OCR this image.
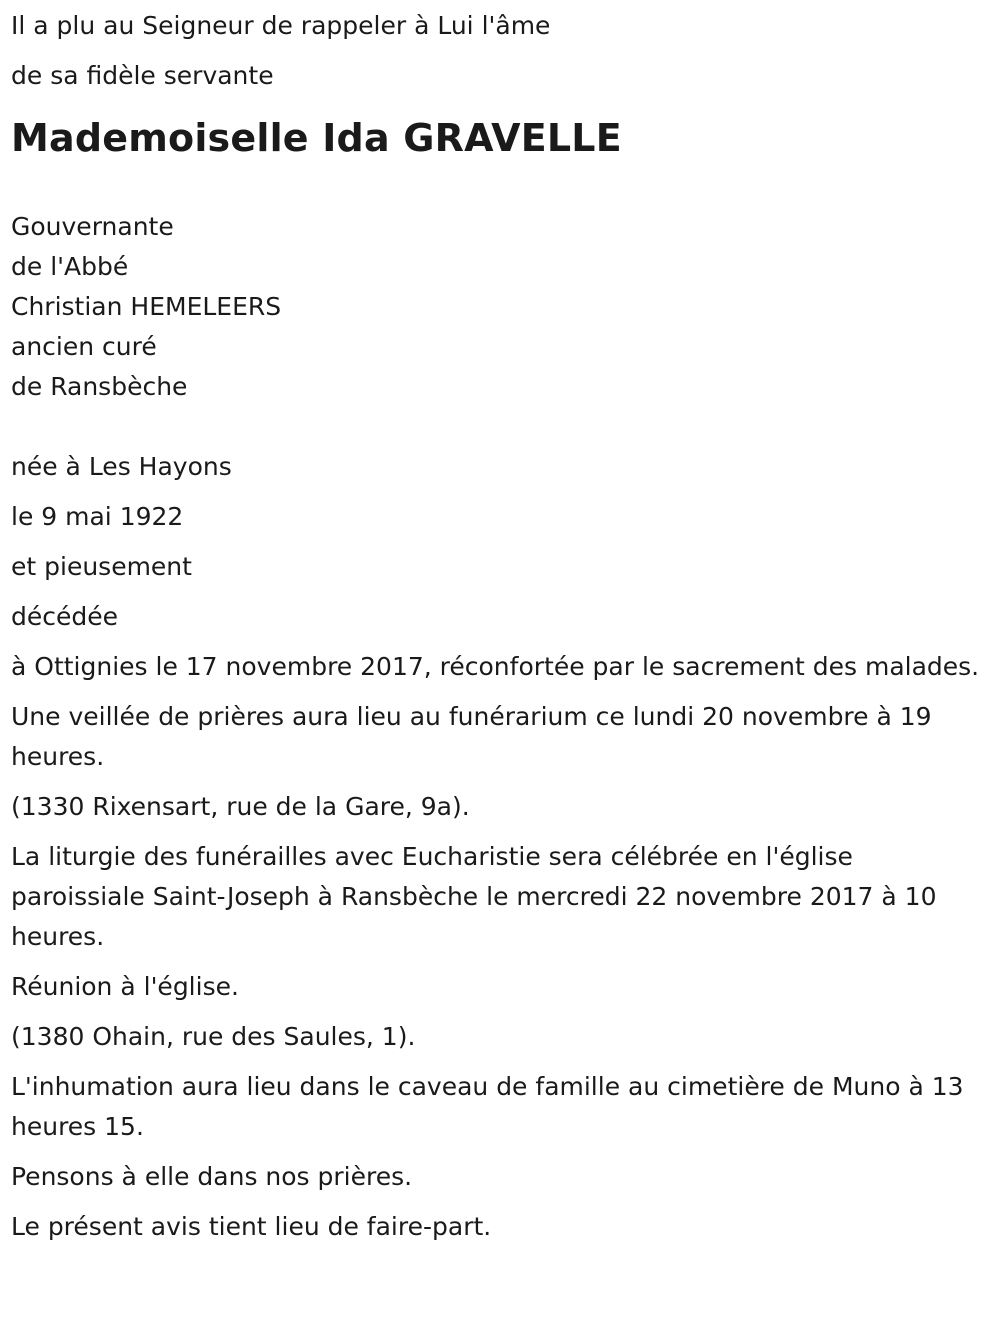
Il a plu au Seigneur de rappeler à Lui l'âme

de sa fidèle servante

Mademoiselle Ida GRAVELLE

Gouvernante

de l'Abbé

Christian HEMELEERS

ancien curé

de Ransbèche

née à Les Hayons

le 9 mai 1922

et pieusement

décédée

à Ottignies le 17 novembre 2017, réconfortée par le sacrement des malades.

Une veillée de prières aura lieu au funérarium ce lundi 20 novembre à 19 heures.

(1330 Rixensart, rue de la Gare, 9a).

La liturgie des funérailles avec Eucharistie sera célébrée en l'église paroissiale Saint-Joseph à Ransbèche le mercredi 22 novembre 2017 à 10 heures.

Réunion à l'église.

(1380 Ohain, rue des Saules, 1).

L'inhumation aura lieu dans le caveau de famille au cimetière de Muno à 13 heures 15.

Pensons à elle dans nos prières.

Le présent avis tient lieu de faire-part.
